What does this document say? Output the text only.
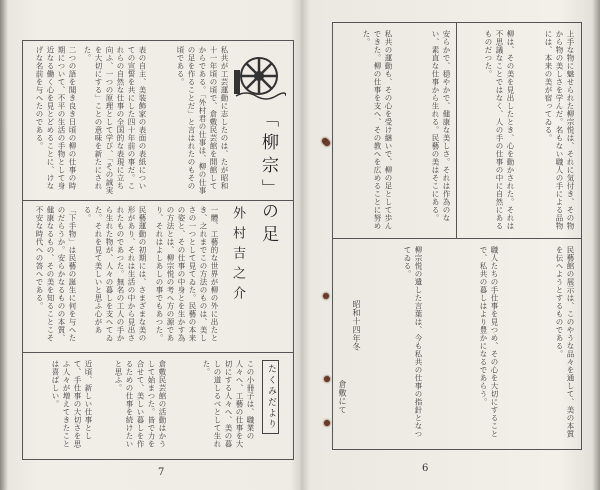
私共が工芸運動に志したのは、たが昭和十一年頃の頃で、倉敷民芸館を開館してからである。「外村君の仕事は、柳の仕事の足を作ることだ」と言はれたのもその頃である。
表の自主、美装飾家の表面の表紙についての宣誓を共にした四十年前の事だ。これらの自然な仕事の全国的な表現に立ち向ふ、一つの原理として学び、「その誠実を大切にする」ことの意味を新たにされた。
二つの語を聞き良き日頃の柳の仕事の時期について、不平の生活の手物として身近なる働く心を見とどめることに、けなげな名前を与へたのである。
「柳宗」の足
外村吉之介
一體、工藝的な世界が柳の外に出たとき、之れまでこの方法のものは、美しさの一つとして見てゐた。民藝の本来の姿と、その仕事の中身とを生かす為の方法とは、柳宗悦の考へ方の源であり、それはよしあしの事でもあつた。
民藝運動の初期には、さまざまな美の形があり、それは生活の中から見出されたものであつた。無名の工人の手から生れた物が、人々の暮しを支へてゐた。それを見て美しいと思ふ心がある。
「下手物」は民藝の誕生に何を与へたのだらうか。安らかなるものの本質、健康なるもの、その美を知ることこそ不安な時代への答へである。
たくみだより
この小冊子は、職業の人々へ、工藝の仕事を大切にする人々へ、美の暮しの道しるべとして生れた。
倉敷民芸館の活動はかうして始まつた。皆で力を合せて、美しい暮しを作るための仕事を続けたいと思ふ。
近頃、新しい仕事として、手仕事の大切さを思ふ人々が増えてきたことは喜ばしい。
7
上手な物に魅せられた柳宗悦は、それに気付き、その物から物の美しさを学んだ。名もない職人の手による品物には、本来の美が宿ってゐる。
柳は、その美を見出したとき、心を動かされた。それは不思議なことではなく、人の手の仕事の中に自然にあるものだつた。
安らかで、穏やかで、健康な美しさ。それは作為のない、素直な仕事から生れる。民藝の美はそこにある。
私共の運動も、その心を受け継いで、柳の足として歩んできた。柳の仕事を支へ、その教へを広めることに努めた。
民藝館の展示は、このやうな品々を通して、美の本質を伝へようとするものである。
職人たちの手仕事を見つめ、その心を大切にすることで、私共の暮しはより豊かになるであらう。
柳宗悦の遺した言葉は、今も私共の仕事の指針となつてゐる。
昭和十四年冬
倉敷にて
6
